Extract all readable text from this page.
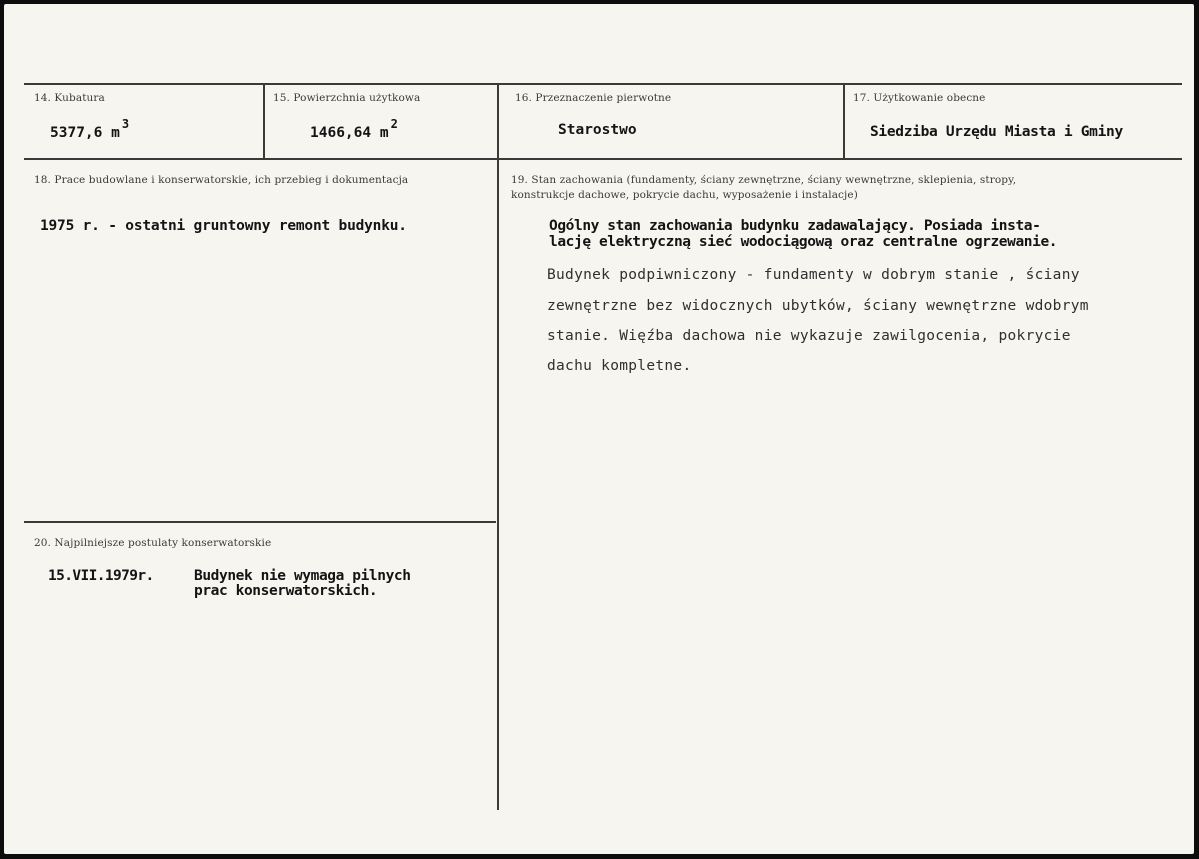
14. Kubatura
5377,6 $m^3$
15. Powierzchnia użytkowa
1466,64 $m^2$
16. Przeznaczenie pierwotne
Starostwo
17. Użytkowanie obecne
Siedziba Urzędu Miasta i Gminy
18. Prace budowlane i konserwatorskie, ich przebieg i dokumentacja
1975 r. - ostatni gruntowny remont budynku.
19. Stan zachowania (fundamenty, ściany zewnętrzne, ściany wewnętrzne, sklepienia, stropy,
konstrukcje dachowe, pokrycie dachu, wyposażenie i instalacje)
Ogólny stan zachowania budynku zadawalający. Posiada insta-
lację elektryczną sieć wodociągową oraz centralne ogrzewanie.
Budynek podpiwniczony - fundamenty w dobrym stanie , ściany
zewnętrzne bez widocznych ubytków, ściany wewnętrzne wdobrym
stanie. Więźba dachowa nie wykazuje zawilgocenia, pokrycie
dachu kompletne.
20. Najpilniejsze postulaty konserwatorskie
15.VII.1979r.	Budynek nie wymaga pilnych
prac konserwatorskich.
